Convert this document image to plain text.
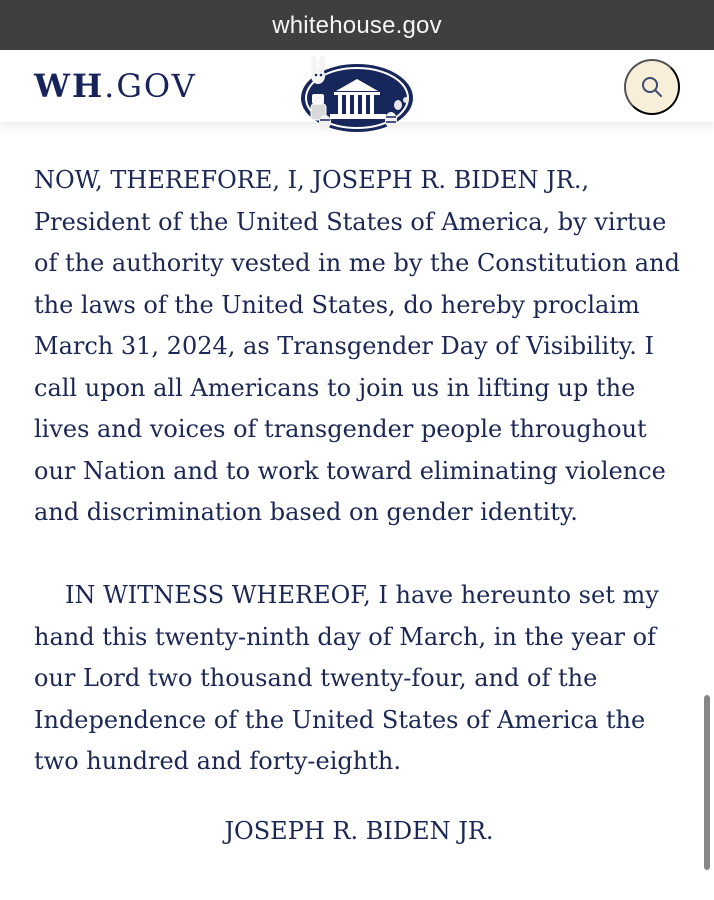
whitehouse.gov
WH.GOV

NOW, THEREFORE, I, JOSEPH R. BIDEN JR.,
President of the United States of America, by virtue
of the authority vested in me by the Constitution and
the laws of the United States, do hereby proclaim
March 31, 2024, as Transgender Day of Visibility. I
call upon all Americans to join us in lifting up the
lives and voices of transgender people throughout
our Nation and to work toward eliminating violence
and discrimination based on gender identity.

IN WITNESS WHEREOF, I have hereunto set my
hand this twenty-ninth day of March, in the year of
our Lord two thousand twenty-four, and of the
Independence of the United States of America the
two hundred and forty-eighth.

JOSEPH R. BIDEN JR.
